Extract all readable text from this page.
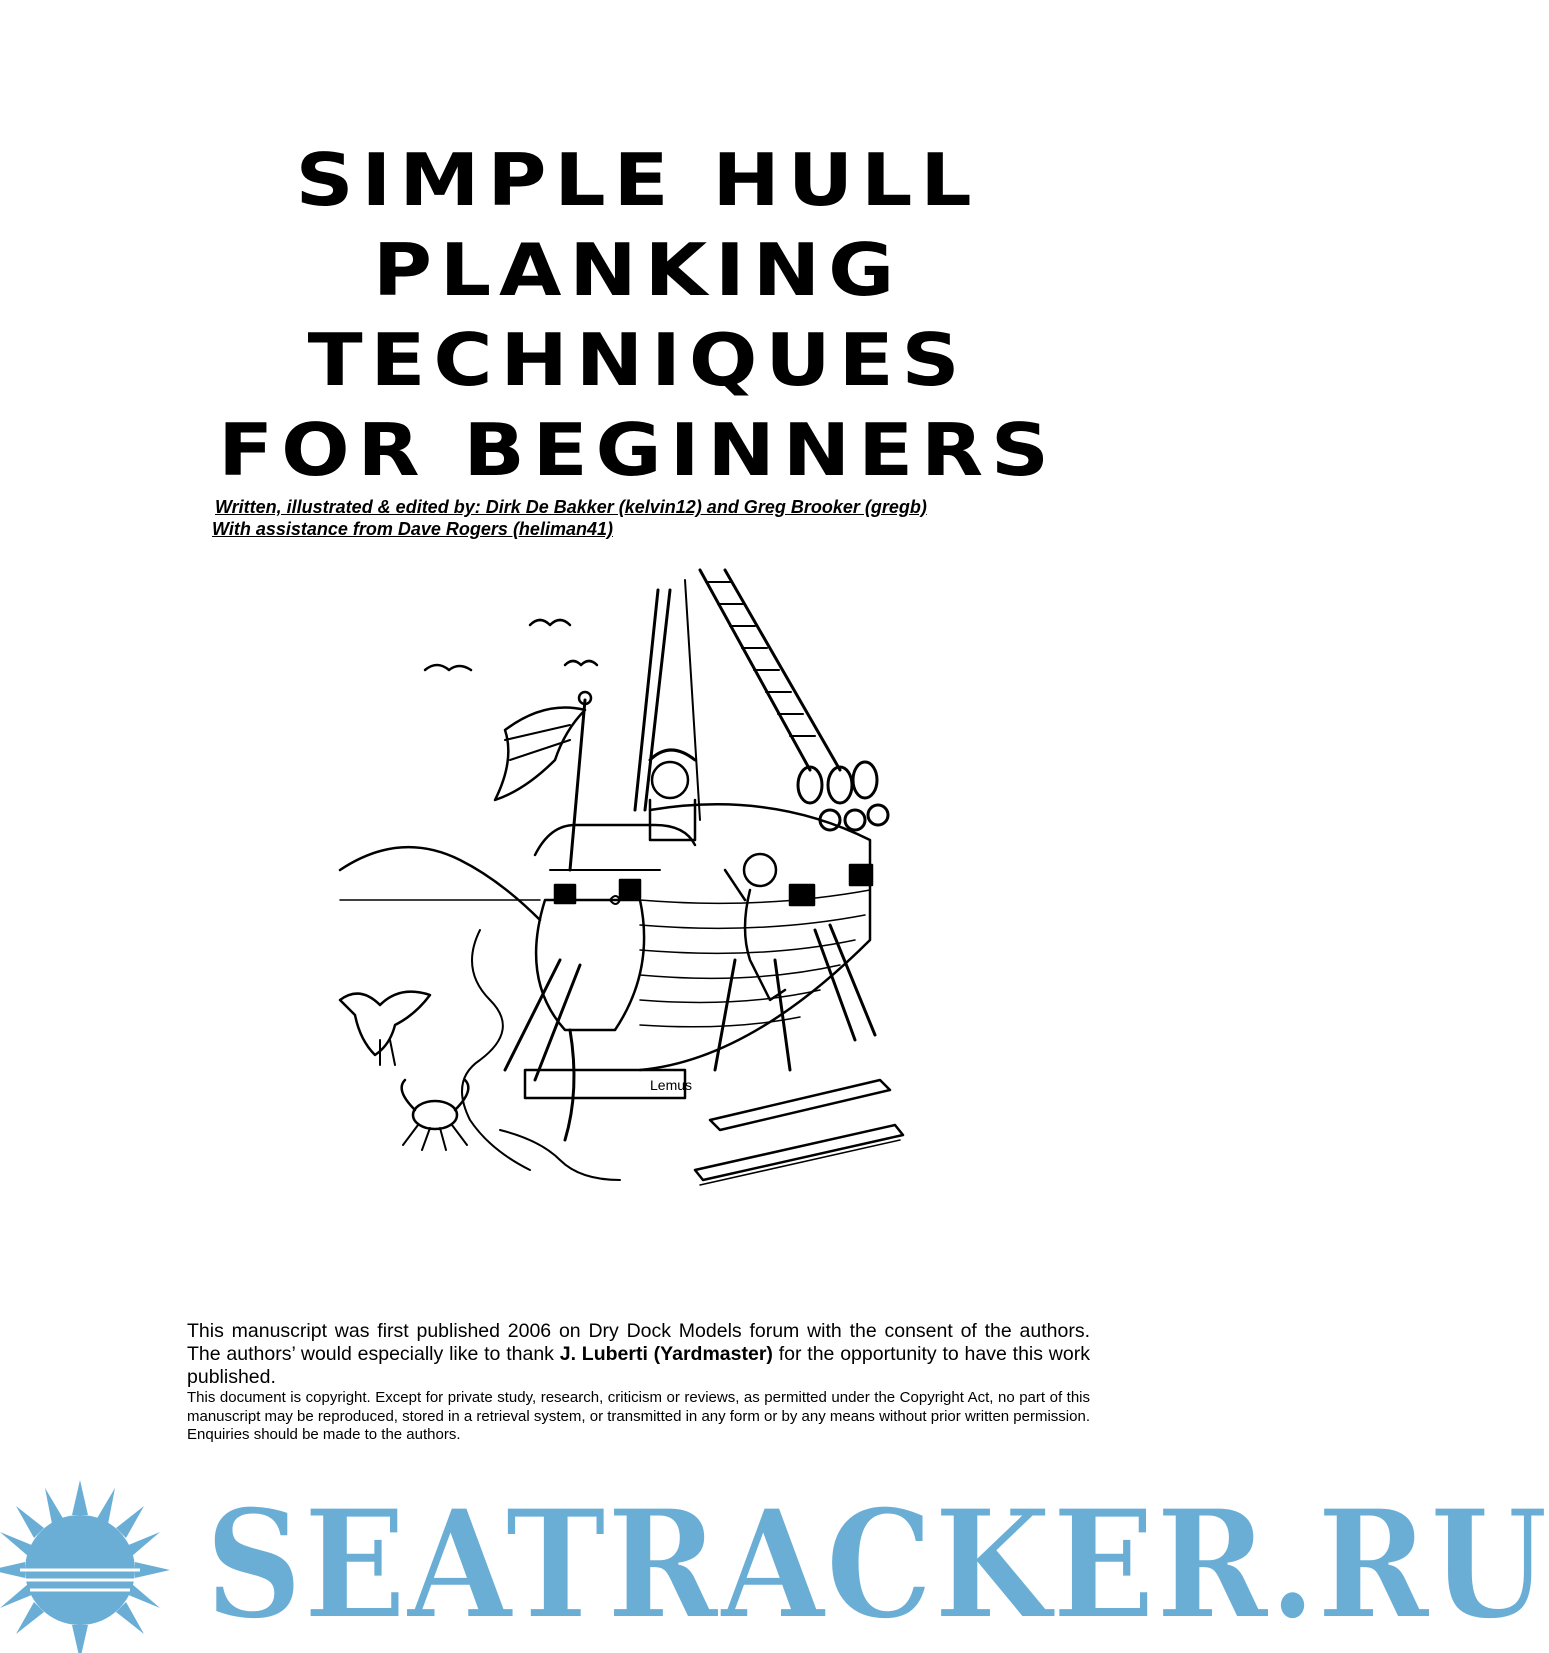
SIMPLE HULL
PLANKING
TECHNIQUES
FOR BEGINNERS
Written, illustrated & edited by: Dirk De Bakker (kelvin12) and Greg Brooker (gregb)
With assistance from Dave Rogers (heliman41)
Lemus
This manuscript was first published 2006 on Dry Dock Models forum with the consent of the authors. The authors’ would especially like to thank J. Luberti (Yardmaster) for the opportunity to have this work published.
This document is copyright. Except for private study, research, criticism or reviews, as permitted under the Copyright Act, no part of this manuscript may be reproduced, stored in a retrieval system, or transmitted in any form or by any means without prior written permission. Enquiries should be made to the authors.
SEATRACKER.RU
